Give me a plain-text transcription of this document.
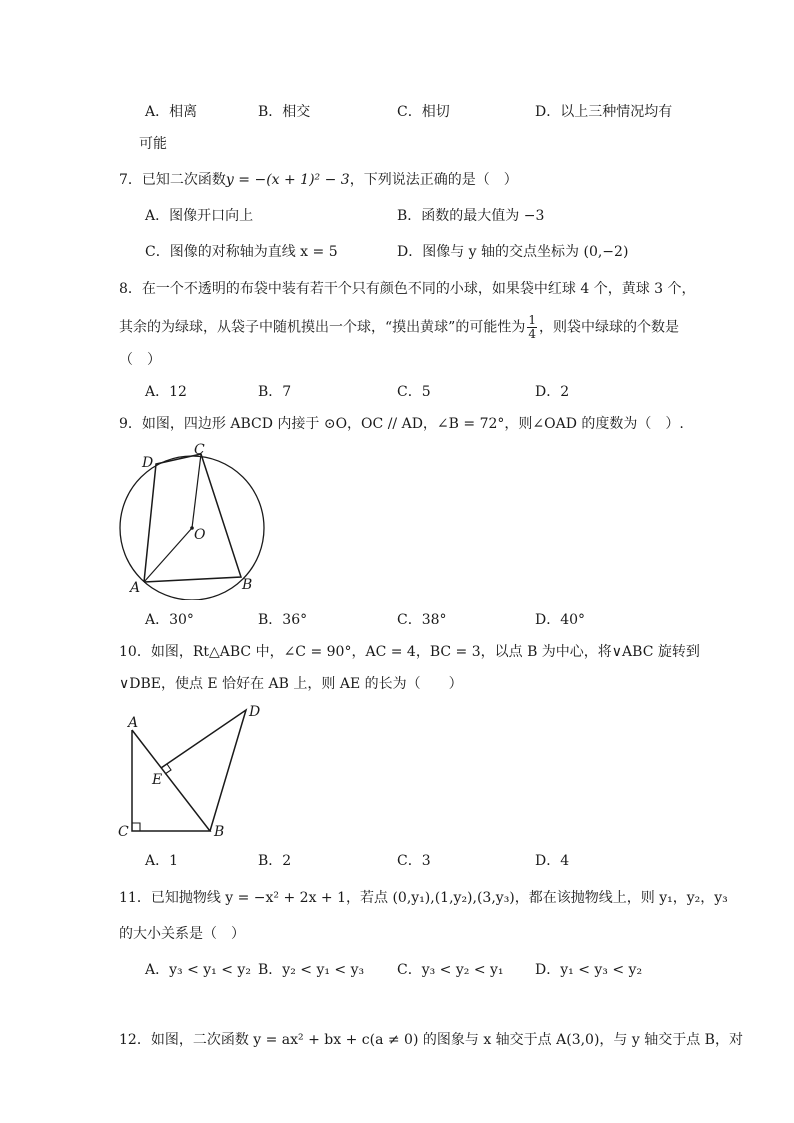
A．相离	B．相交	C．相切	D．以上三种情况均有
可能
7．已知二次函数y = −(x + 1)² − 3，下列说法正确的是（　）
A．图像开口向上	B．函数的最大值为 −3
C．图像的对称轴为直线 x = 5	D．图像与 y 轴的交点坐标为 (0,−2)
8．在一个不透明的布袋中装有若干个只有颜色不同的小球，如果袋中红球 4 个，黄球 3 个，
其余的为绿球，从袋子中随机摸出一个球，“摸出黄球”的可能性为 $\frac{1}{4}$ ，则袋中绿球的个数是
（　）
A．12	B．7	C．5	D．2
9．如图，四边形 ABCD 内接于 ⊙O，OC // AD，∠B = 72°，则∠OAD 的度数为（　）.
D
C
O
A	B
A．30°	B．36°	C．38°	D．40°
10．如图，Rt△ABC 中，∠C = 90°，AC = 4，BC = 3，以点 B 为中心，将∨ABC 旋转到
∨DBE，使点 E 恰好在 AB 上，则 AE 的长为（　　）
A
D
E
C	B
A．1	B．2	C．3	D．4
11．已知抛物线 y = −x² + 2x + 1，若点 (0,y₁),(1,y₂),(3,y₃)，都在该抛物线上，则 y₁，y₂，y₃
的大小关系是（　）
A．y₃ < y₁ < y₂ B．y₂ < y₁ < y₃ C．y₃ < y₂ < y₁ D．y₁ < y₃ < y₂
12．如图，二次函数 y = ax² + bx + c(a ≠ 0) 的图象与 x 轴交于点 A(3,0)，与 y 轴交于点 B，对
